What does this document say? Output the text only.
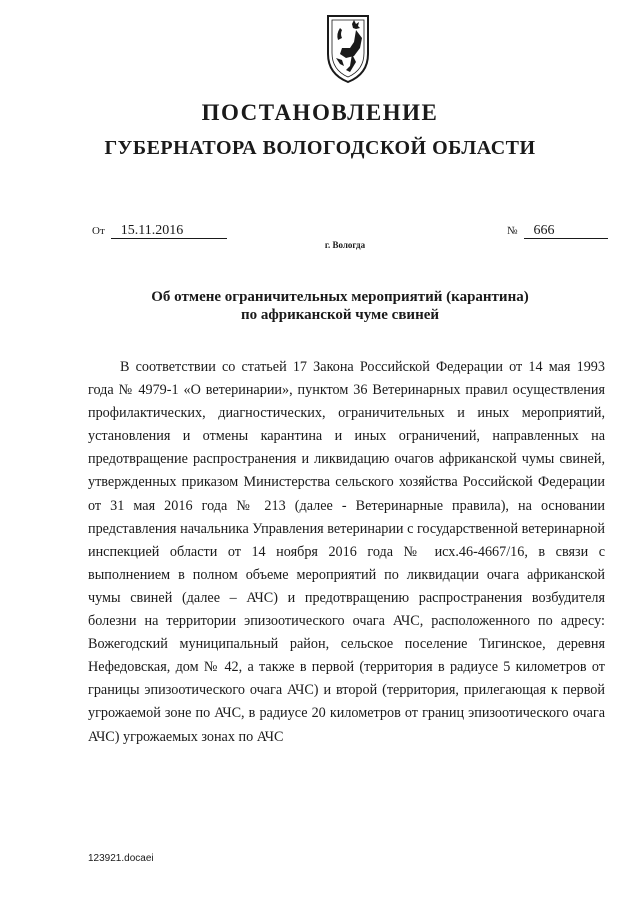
ПОСТАНОВЛЕНИЕ
ГУБЕРНАТОРА ВОЛОГОДСКОЙ ОБЛАСТИ
От 15.11.2016	№ 666
г. Вологда
Об отмене ограничительных мероприятий (карантина)
по африканской чуме свиней

В соответствии со статьей 17 Закона Российской Федерации от 14 мая 1993 года № 4979-1 «О ветеринарии», пунктом 36 Ветеринарных правил осуществления профилактических, диагностических, ограничительных и иных мероприятий, установления и отмены карантина и иных ограничений, направленных на предотвращение распространения и ликвидацию очагов африканской чумы свиней, утвержденных приказом Министерства сельского хозяйства Российской Федерации от 31 мая 2016 года № 213 (далее - Ветеринарные правила), на основании представления начальника Управления ветеринарии с государственной ветеринарной инспекцией области от 14 ноября 2016 года № исх.46-4667/16, в связи с выполнением в полном объеме мероприятий по ликвидации очага африканской чумы свиней (далее – АЧС) и предотвращению распространения возбудителя болезни на территории эпизоотического очага АЧС, расположенного по адресу: Вожегодский муниципальный район, сельское поселение Тигинское, деревня Нефедовская, дом № 42, а также в первой (территория в радиусе 5 километров от границы эпизоотического очага АЧС) и второй (территория, прилегающая к первой угрожаемой зоне по АЧС, в радиусе 20 километров от границ эпизоотического очага АЧС) угрожаемых зонах по АЧС

123921.docaei
